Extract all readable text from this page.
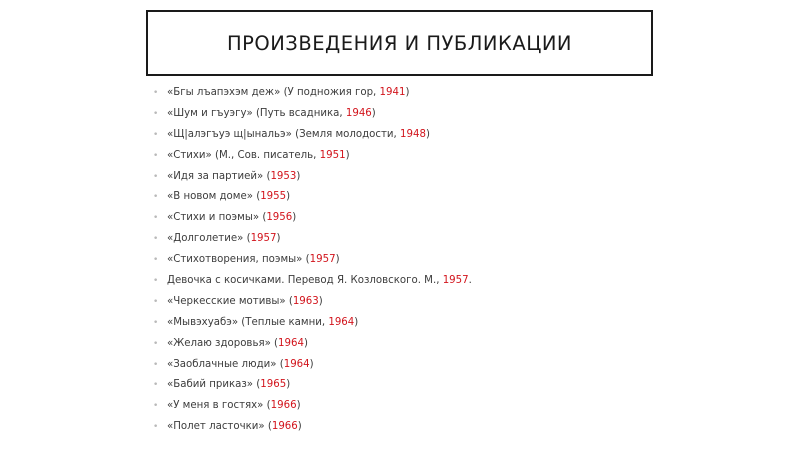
ПРОИЗВЕДЕНИЯ И ПУБЛИКАЦИИ
• «Бгы лъапэхэм деж» (У подножия гор, 1941)
• «Шум и гъуэгу» (Путь всадника, 1946)
• «Щ|алэгъуэ щ|ынальэ» (Земля молодости, 1948)
• «Стихи» (М., Сов. писатель, 1951)
• «Идя за партией» (1953)
• «В новом доме» (1955)
• «Стихи и поэмы» (1956)
• «Долголетие» (1957)
• «Стихотворения, поэмы» (1957)
• Девочка с косичками. Перевод Я. Козловского. М., 1957.
• «Черкесские мотивы» (1963)
• «Мывэхуабэ» (Теплые камни, 1964)
• «Желаю здоровья» (1964)
• «Заоблачные люди» (1964)
• «Бабий приказ» (1965)
• «У меня в гостях» (1966)
• «Полет ласточки» (1966)
